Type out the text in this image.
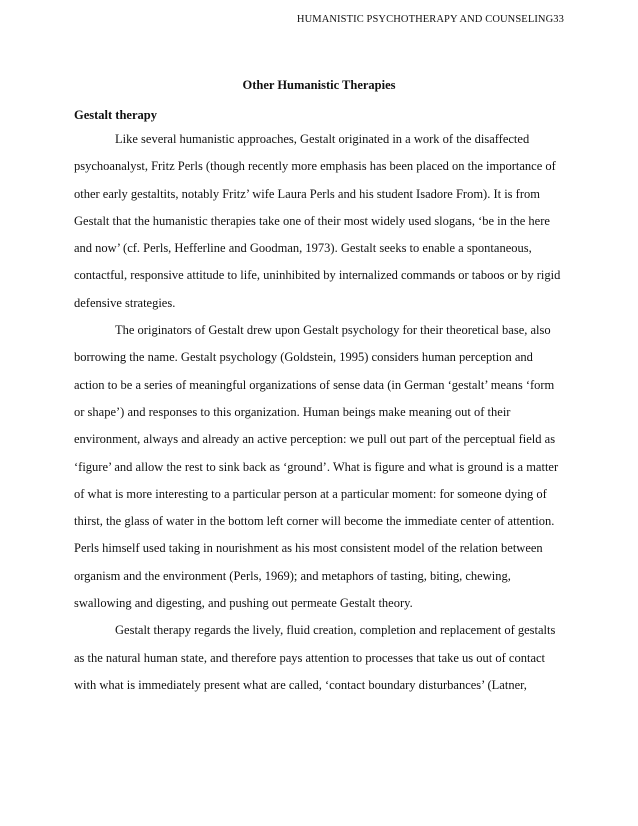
HUMANISTIC PSYCHOTHERAPY AND COUNSELING33
Other Humanistic Therapies
Gestalt therapy
Like several humanistic approaches, Gestalt originated in a work of the disaffected
psychoanalyst, Fritz Perls (though recently more emphasis has been placed on the importance of
other early gestaltits, notably Fritz’ wife Laura Perls and his student Isadore From). It is from
Gestalt that the humanistic therapies take one of their most widely used slogans, ‘be in the here
and now’ (cf. Perls, Hefferline and Goodman, 1973). Gestalt seeks to enable a spontaneous,
contactful, responsive attitude to life, uninhibited by internalized commands or taboos or by rigid
defensive strategies.
The originators of Gestalt drew upon Gestalt psychology for their theoretical base, also
borrowing the name. Gestalt psychology (Goldstein, 1995) considers human perception and
action to be a series of meaningful organizations of sense data (in German ‘gestalt’ means ‘form
or shape’) and responses to this organization. Human beings make meaning out of their
environment, always and already an active perception: we pull out part of the perceptual field as
‘figure’ and allow the rest to sink back as ‘ground’. What is figure and what is ground is a matter
of what is more interesting to a particular person at a particular moment: for someone dying of
thirst, the glass of water in the bottom left corner will become the immediate center of attention.
Perls himself used taking in nourishment as his most consistent model of the relation between
organism and the environment (Perls, 1969); and metaphors of tasting, biting, chewing,
swallowing and digesting, and pushing out permeate Gestalt theory.
Gestalt therapy regards the lively, fluid creation, completion and replacement of gestalts
as the natural human state, and therefore pays attention to processes that take us out of contact
with what is immediately present what are called, ‘contact boundary disturbances’ (Latner,
